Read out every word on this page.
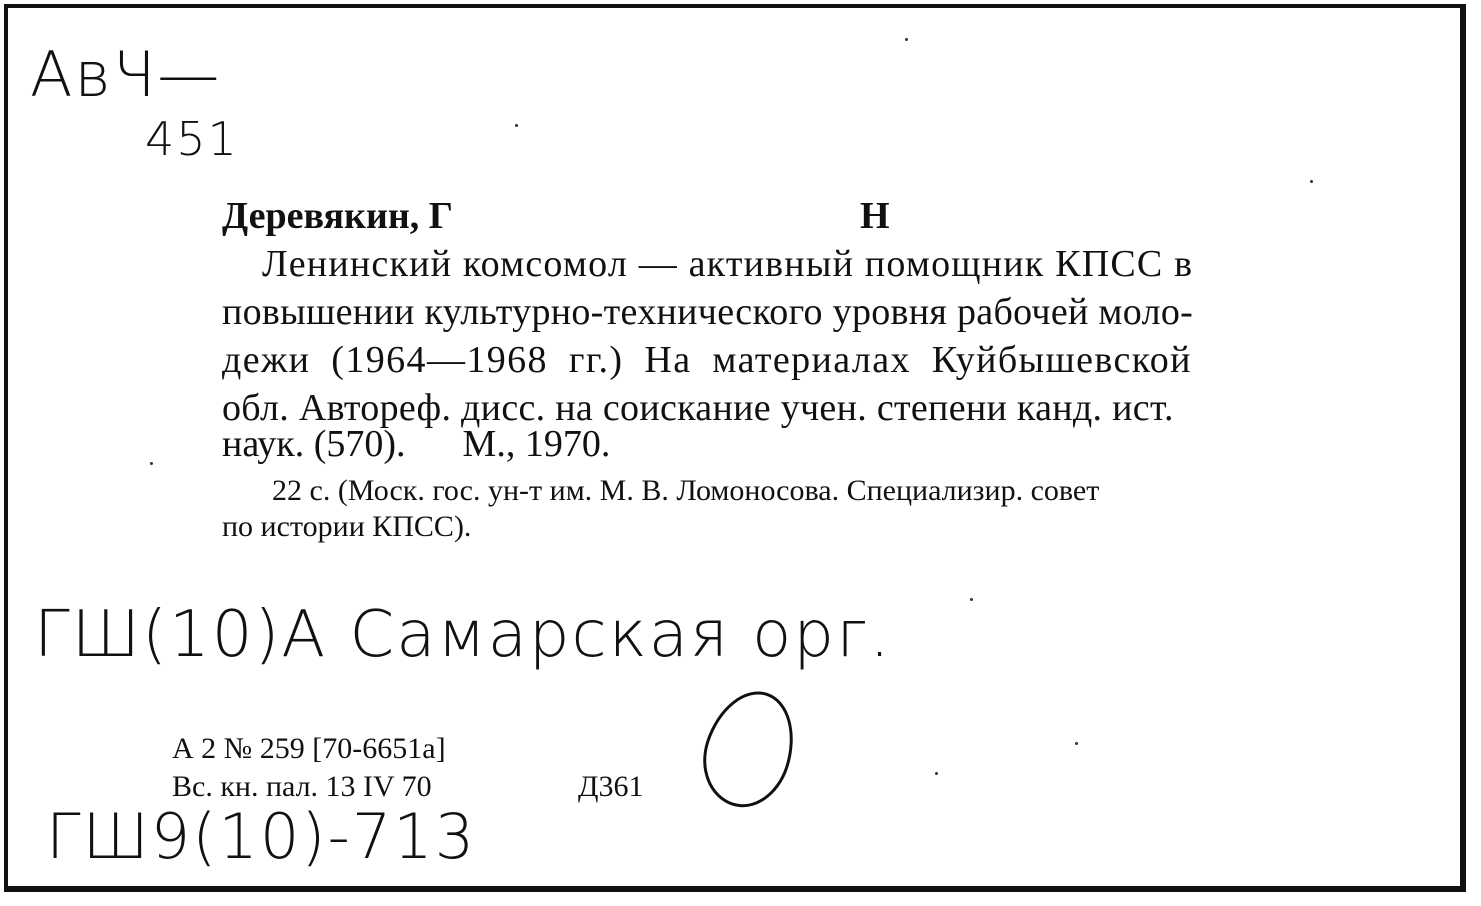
АвЧ—
451
Деревякин, Г	Н
Ленинский комсомол — активный помощник КПСС в
повышении культурно-технического уровня рабочей моло-
дежи (1964—1968 гг.) На материалах Куйбышевской
обл. Автореф. дисс. на соискание учен. степени канд. ист.
наук. (570).      М., 1970.
22 с. (Моск. гос. ун-т им. М. В. Ломоносова. Специализир. совет
по истории КПСС).
ГШ(10)А Самарская орг.
А 2 № 259 [70-6651а]
Вс. кн. пал. 13 IV 70	Д361
ГШ9(10)-713
